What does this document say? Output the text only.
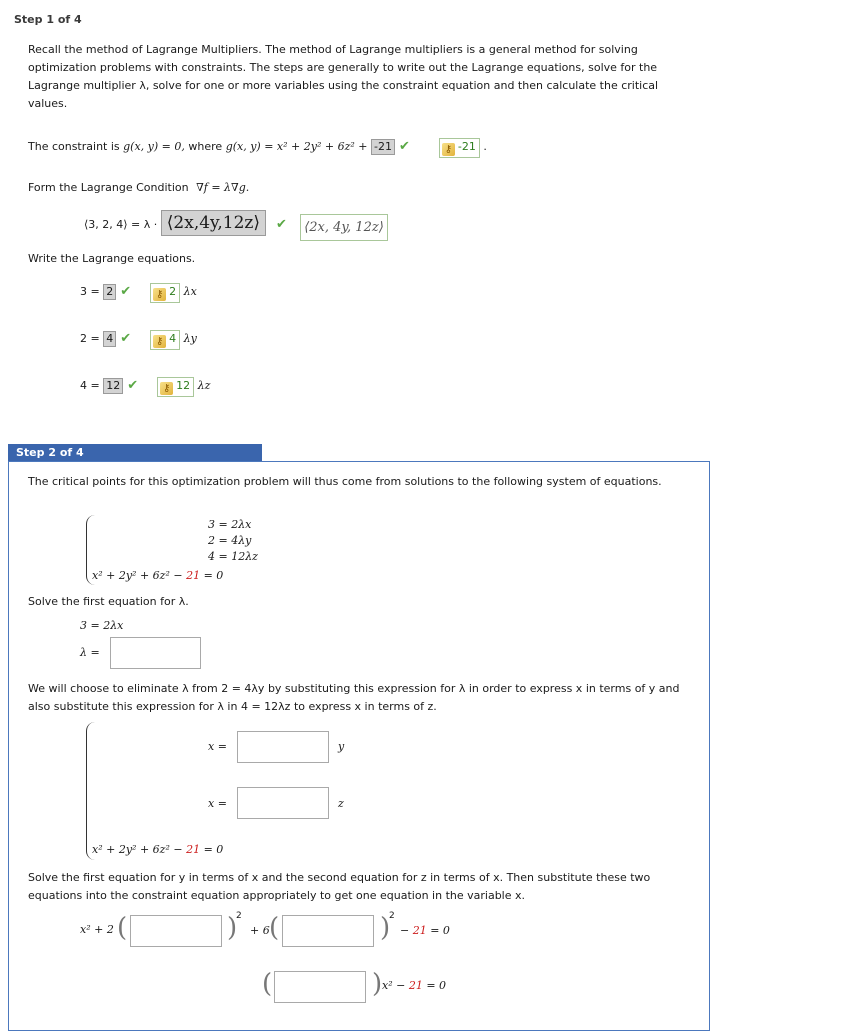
Step 1 of 4
Recall the method of Lagrange Multipliers. The method of Lagrange multipliers is a general method for solving optimization problems with constraints. The steps are generally to write out the Lagrange equations, solve for the Lagrange multiplier λ, solve for one or more variables using the constraint equation and then calculate the critical values.
The constraint is g(x, y) = 0, where g(x, y) = x² + 2y² + 6z² + -21 ✔	⚷ -21 .
Form the Lagrange Condition ∇f = λ∇g.
⟨3, 2, 4⟩ = λ · ⟨2x,4y,12z⟩ ✔	⟨2x, 4y, 12z⟩
Write the Lagrange equations.
3 = 2 ✔ ⚷ 2 λx
2 = 4 ✔ ⚷ 4 λy
4 = 12 ✔ ⚷ 12 λz
Step 2 of 4
The critical points for this optimization problem will thus come from solutions to the following system of equations.
3 = 2λx
2 = 4λy
4 = 12λz
x² + 2y² + 6z² − 21 = 0
Solve the first equation for λ.
3 = 2λx
λ =
We will choose to eliminate λ from 2 = 4λy by substituting this expression for λ in order to express x in terms of y and also substitute this expression for λ in 4 = 12λz to express x in terms of z.
x =	y
x =	z
x² + 2y² + 6z² − 21 = 0
Solve the first equation for y in terms of x and the second equation for z in terms of x. Then substitute these two equations into the constraint equation appropriately to get one equation in the variable x.
x² + 2 (	)
2
+ 6 (	)
2
− 21 = 0
(	) x² − 21 = 0
